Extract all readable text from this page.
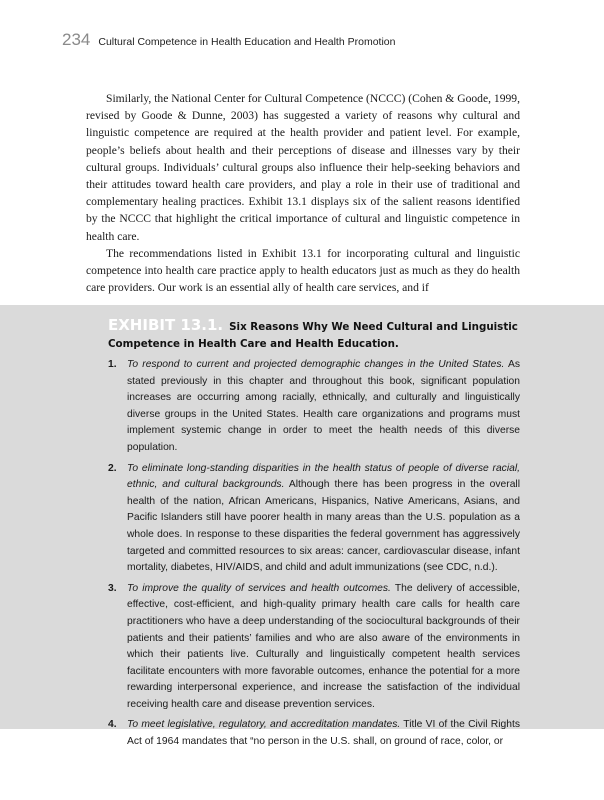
234 Cultural Competence in Health Education and Health Promotion

Similarly, the National Center for Cultural Competence (NCCC) (Cohen & Goode, 1999, revised by Goode & Dunne, 2003) has suggested a variety of reasons why cultural and linguistic competence are required at the health provider and patient level. For example, people’s beliefs about health and their perceptions of disease and illnesses vary by their cultural groups. Individuals’ cultural groups also influence their help-seeking behaviors and their attitudes toward health care providers, and play a role in their use of traditional and complementary healing practices. Exhibit 13.1 displays six of the salient reasons identified by the NCCC that highlight the critical importance of cultural and linguistic competence in health care.

The recommendations listed in Exhibit 13.1 for incorporating cultural and linguistic competence into health care practice apply to health educators just as much as they do health care providers. Our work is an essential ally of health care services, and if

EXHIBIT 13.1. Six Reasons Why We Need Cultural and Linguistic Competence in Health Care and Health Education.
1. To respond to current and projected demographic changes in the United States. As stated previously in this chapter and throughout this book, significant population increases are occurring among racially, ethnically, and culturally and linguistically diverse groups in the United States. Health care organizations and programs must implement systemic change in order to meet the health needs of this diverse population.
2. To eliminate long-standing disparities in the health status of people of diverse racial, ethnic, and cultural backgrounds. Although there has been progress in the overall health of the nation, African Americans, Hispanics, Native Americans, Asians, and Pacific Islanders still have poorer health in many areas than the U.S. population as a whole does. In response to these disparities the federal government has aggressively targeted and committed resources to six areas: cancer, cardiovascular disease, infant mortality, diabetes, HIV/AIDS, and child and adult immunizations (see CDC, n.d.).
3. To improve the quality of services and health outcomes. The delivery of accessible, effective, cost-efficient, and high-quality primary health care calls for health care practitioners who have a deep understanding of the sociocultural backgrounds of their patients and their patients’ families and who are also aware of the environments in which their patients live. Culturally and linguistically competent health services facilitate encounters with more favorable outcomes, enhance the potential for a more rewarding interpersonal experience, and increase the satisfaction of the individual receiving health care and disease prevention services.
4. To meet legislative, regulatory, and accreditation mandates. Title VI of the Civil Rights Act of 1964 mandates that “no person in the U.S. shall, on ground of race, color, or
